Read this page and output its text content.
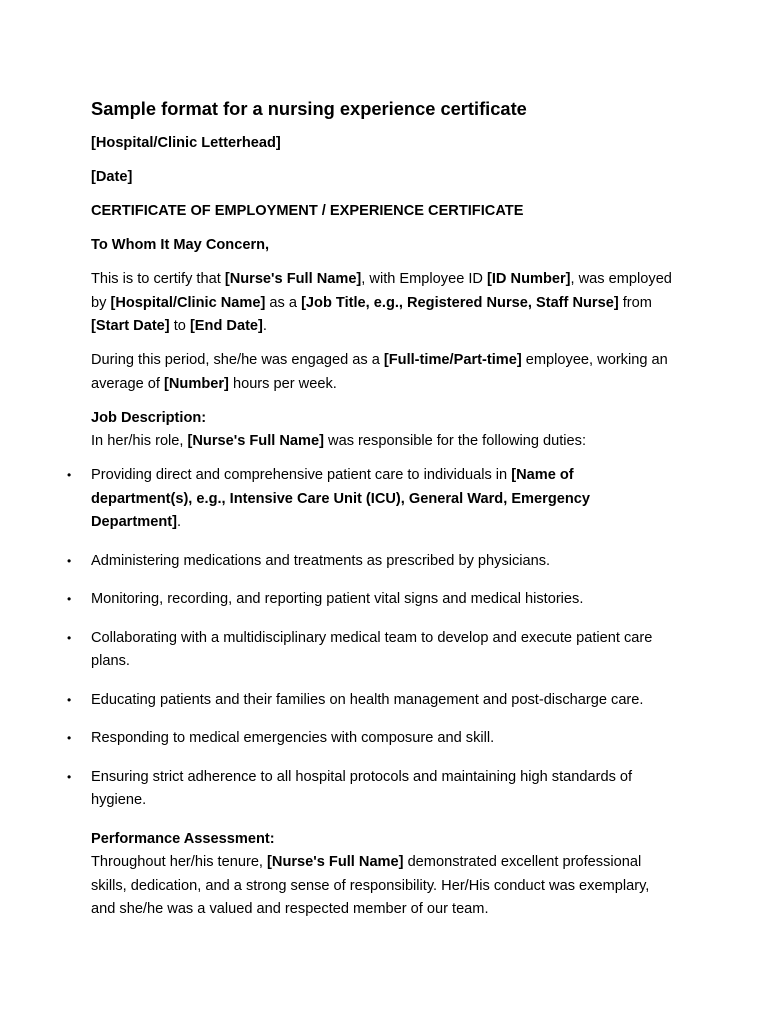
Sample format for a nursing experience certificate
[Hospital/Clinic Letterhead]
[Date]
CERTIFICATE OF EMPLOYMENT / EXPERIENCE CERTIFICATE
To Whom It May Concern,
This is to certify that [Nurse's Full Name], with Employee ID [ID Number], was employed by [Hospital/Clinic Name] as a [Job Title, e.g., Registered Nurse, Staff Nurse] from [Start Date] to [End Date].
During this period, she/he was engaged as a [Full-time/Part-time] employee, working an average of [Number] hours per week.
Job Description:
In her/his role, [Nurse's Full Name] was responsible for the following duties:
• Providing direct and comprehensive patient care to individuals in [Name of department(s), e.g., Intensive Care Unit (ICU), General Ward, Emergency Department].
• Administering medications and treatments as prescribed by physicians.
• Monitoring, recording, and reporting patient vital signs and medical histories.
• Collaborating with a multidisciplinary medical team to develop and execute patient care plans.
• Educating patients and their families on health management and post-discharge care.
• Responding to medical emergencies with composure and skill.
• Ensuring strict adherence to all hospital protocols and maintaining high standards of hygiene.
Performance Assessment:
Throughout her/his tenure, [Nurse's Full Name] demonstrated excellent professional skills, dedication, and a strong sense of responsibility. Her/His conduct was exemplary, and she/he was a valued and respected member of our team.
